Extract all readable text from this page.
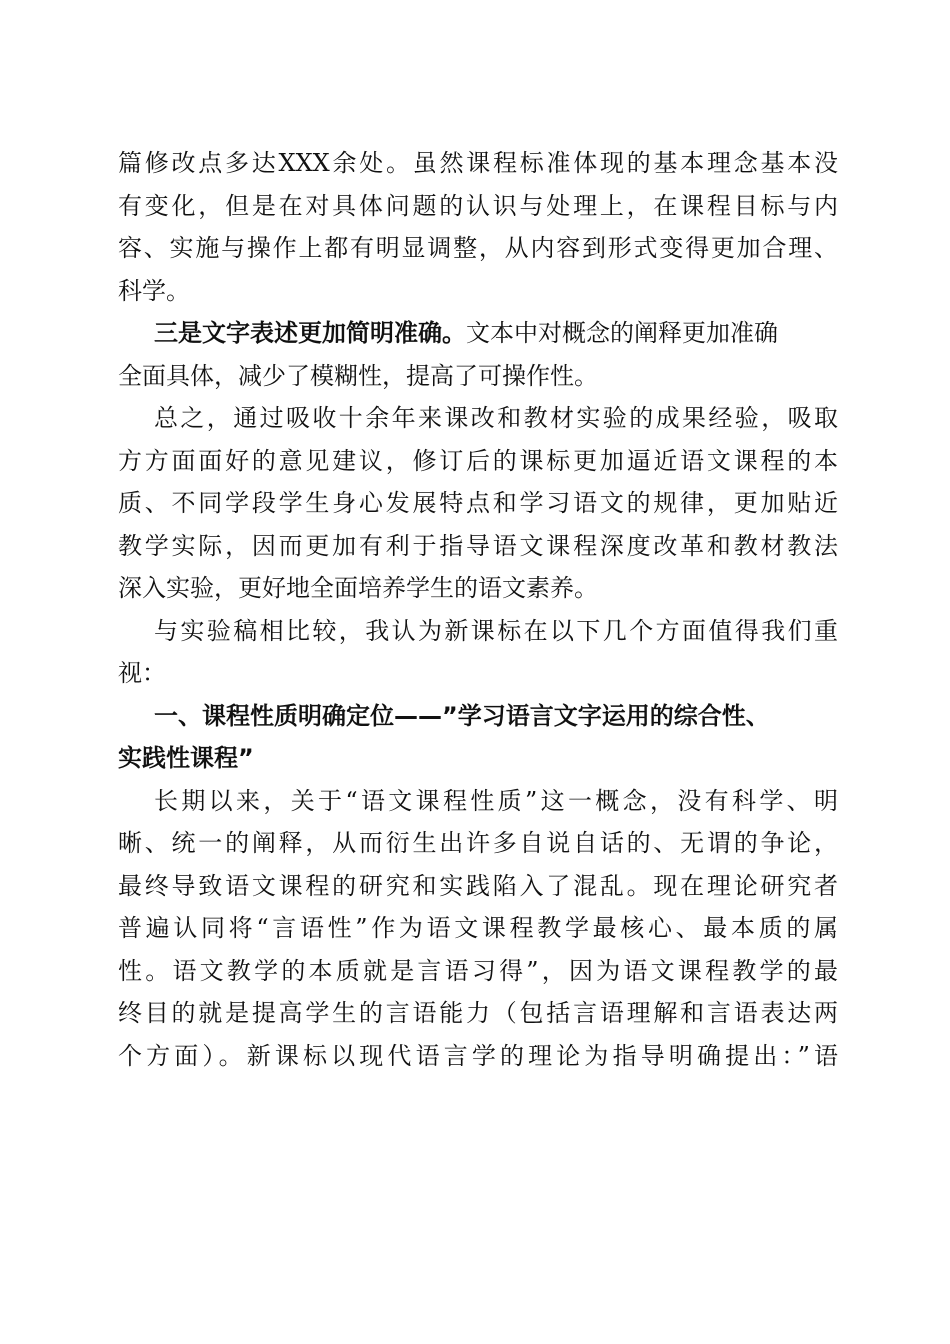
篇修改点多达XXX余处。虽然课程标准体现的基本理念基本没
有变化，但是在对具体问题的认识与处理上，在课程目标与内
容、实施与操作上都有明显调整，从内容到形式变得更加合理、
科学。
三是文字表述更加简明准确。文本中对概念的阐释更加准确
全面具体，减少了模糊性，提高了可操作性。
总之，通过吸收十余年来课改和教材实验的成果经验，吸取
方方面面好的意见建议，修订后的课标更加逼近语文课程的本
质、不同学段学生身心发展特点和学习语文的规律，更加贴近
教学实际，因而更加有利于指导语文课程深度改革和教材教法
深入实验，更好地全面培养学生的语文素养。
与实验稿相比较，我认为新课标在以下几个方面值得我们重
视：
一、课程性质明确定位——”学习语言文字运用的综合性、
实践性课程”
长期以来，关于“语文课程性质”这一概念，没有科学、明
晰、统一的阐释，从而衍生出许多自说自话的、无谓的争论，
最终导致语文课程的研究和实践陷入了混乱。现在理论研究者
普遍认同将“言语性”作为语文课程教学最核心、最本质的属
性。语文教学的本质就是言语习得”，因为语文课程教学的最
终目的就是提高学生的言语能力（包括言语理解和言语表达两
个方面）。新课标以现代语言学的理论为指导明确提出：”语
